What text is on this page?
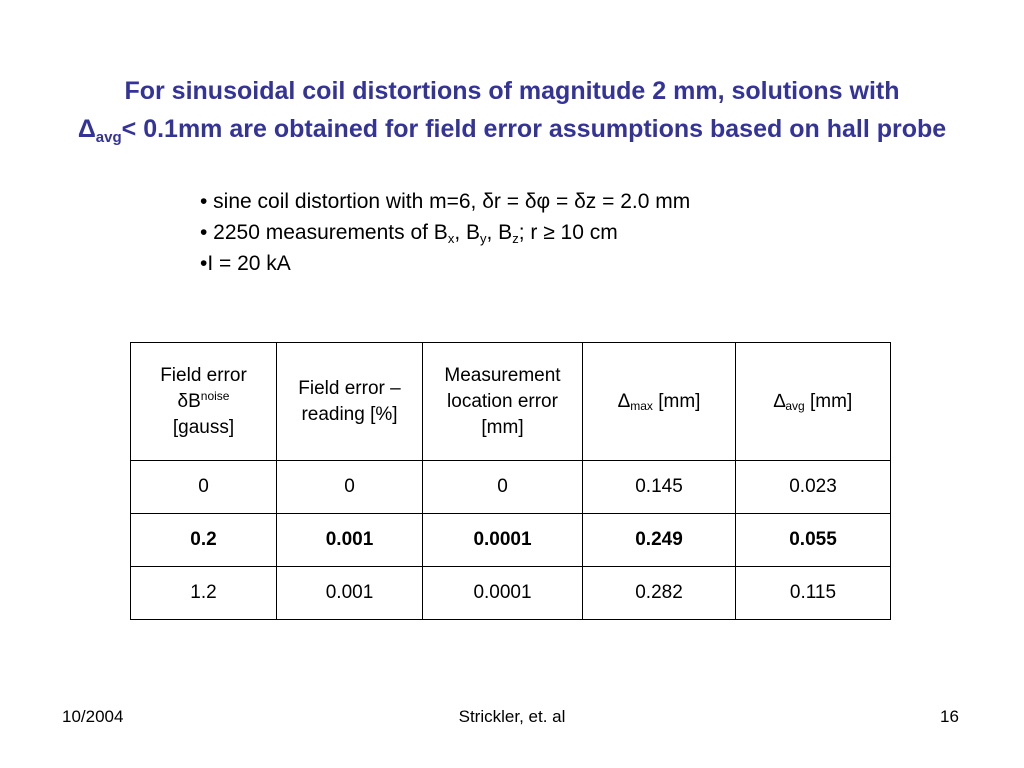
For sinusoidal coil distortions of magnitude 2 mm, solutions with
$\Delta_{avg}< 0.1mm$ are obtained for field error assumptions based on hall probe
• sine coil distortion with m=6, δr = δφ = δz = 2.0 mm
• 2250 measurements of $B_x$, $B_y$, $B_z$; r ≥ 10 cm
•I = 20 kA
Field error
$\delta B^{noise}$
[gauss]	Field error – reading [%]	Measurement location error [mm]	$\Delta_{max}$ [mm]	$\Delta_{avg}$ [mm]
0	0	0	0.145	0.023
0.2	0.001	0.0001	0.249	0.055
1.2	0.001	0.0001	0.282	0.115
10/2004	Strickler, et. al	16
